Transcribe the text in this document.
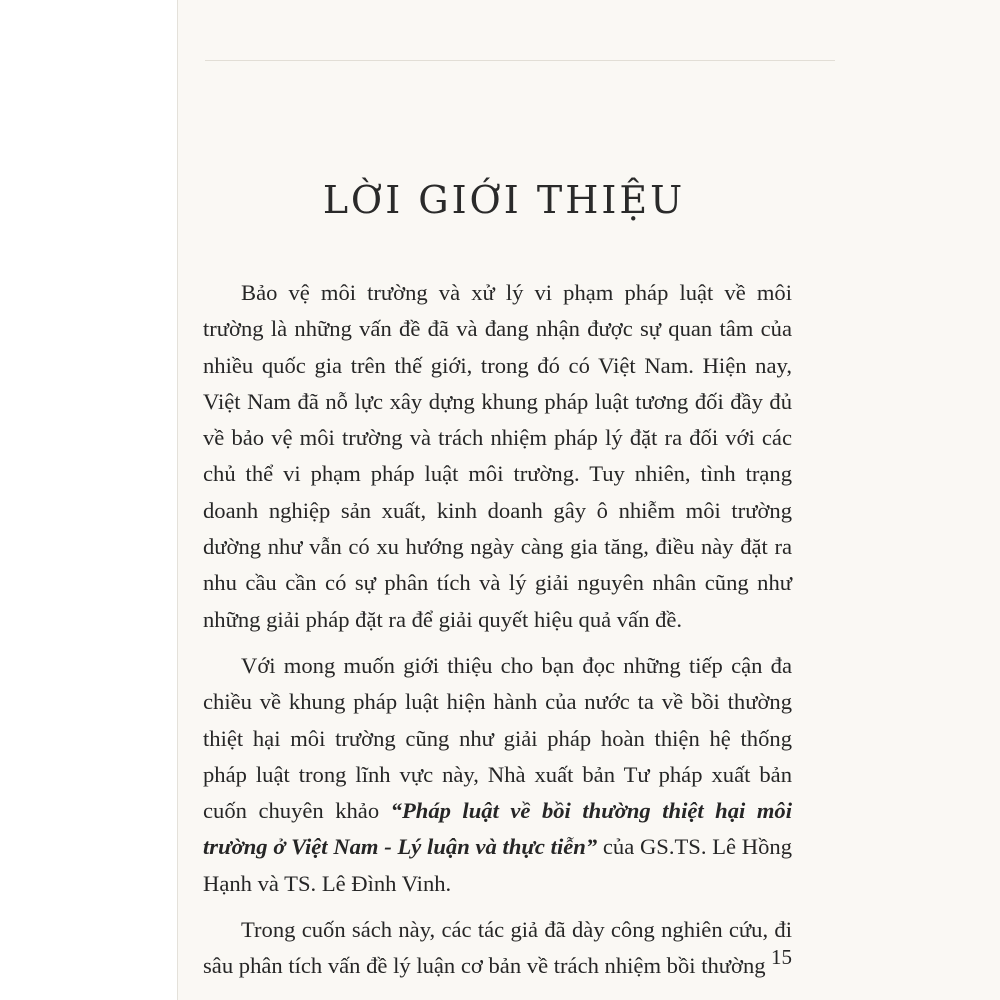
LỜI GIỚI THIỆU

Bảo vệ môi trường và xử lý vi phạm pháp luật về môi trường là những vấn đề đã và đang nhận được sự quan tâm của nhiều quốc gia trên thế giới, trong đó có Việt Nam. Hiện nay, Việt Nam đã nỗ lực xây dựng khung pháp luật tương đối đầy đủ về bảo vệ môi trường và trách nhiệm pháp lý đặt ra đối với các chủ thể vi phạm pháp luật môi trường. Tuy nhiên, tình trạng doanh nghiệp sản xuất, kinh doanh gây ô nhiễm môi trường dường như vẫn có xu hướng ngày càng gia tăng, điều này đặt ra nhu cầu cần có sự phân tích và lý giải nguyên nhân cũng như những giải pháp đặt ra để giải quyết hiệu quả vấn đề.

Với mong muốn giới thiệu cho bạn đọc những tiếp cận đa chiều về khung pháp luật hiện hành của nước ta về bồi thường thiệt hại môi trường cũng như giải pháp hoàn thiện hệ thống pháp luật trong lĩnh vực này, Nhà xuất bản Tư pháp xuất bản cuốn chuyên khảo “Pháp luật về bồi thường thiệt hại môi trường ở Việt Nam - Lý luận và thực tiễn” của GS.TS. Lê Hồng Hạnh và TS. Lê Đình Vinh.

Trong cuốn sách này, các tác giả đã dày công nghiên cứu, đi sâu phân tích vấn đề lý luận cơ bản về trách nhiệm bồi thường 15
